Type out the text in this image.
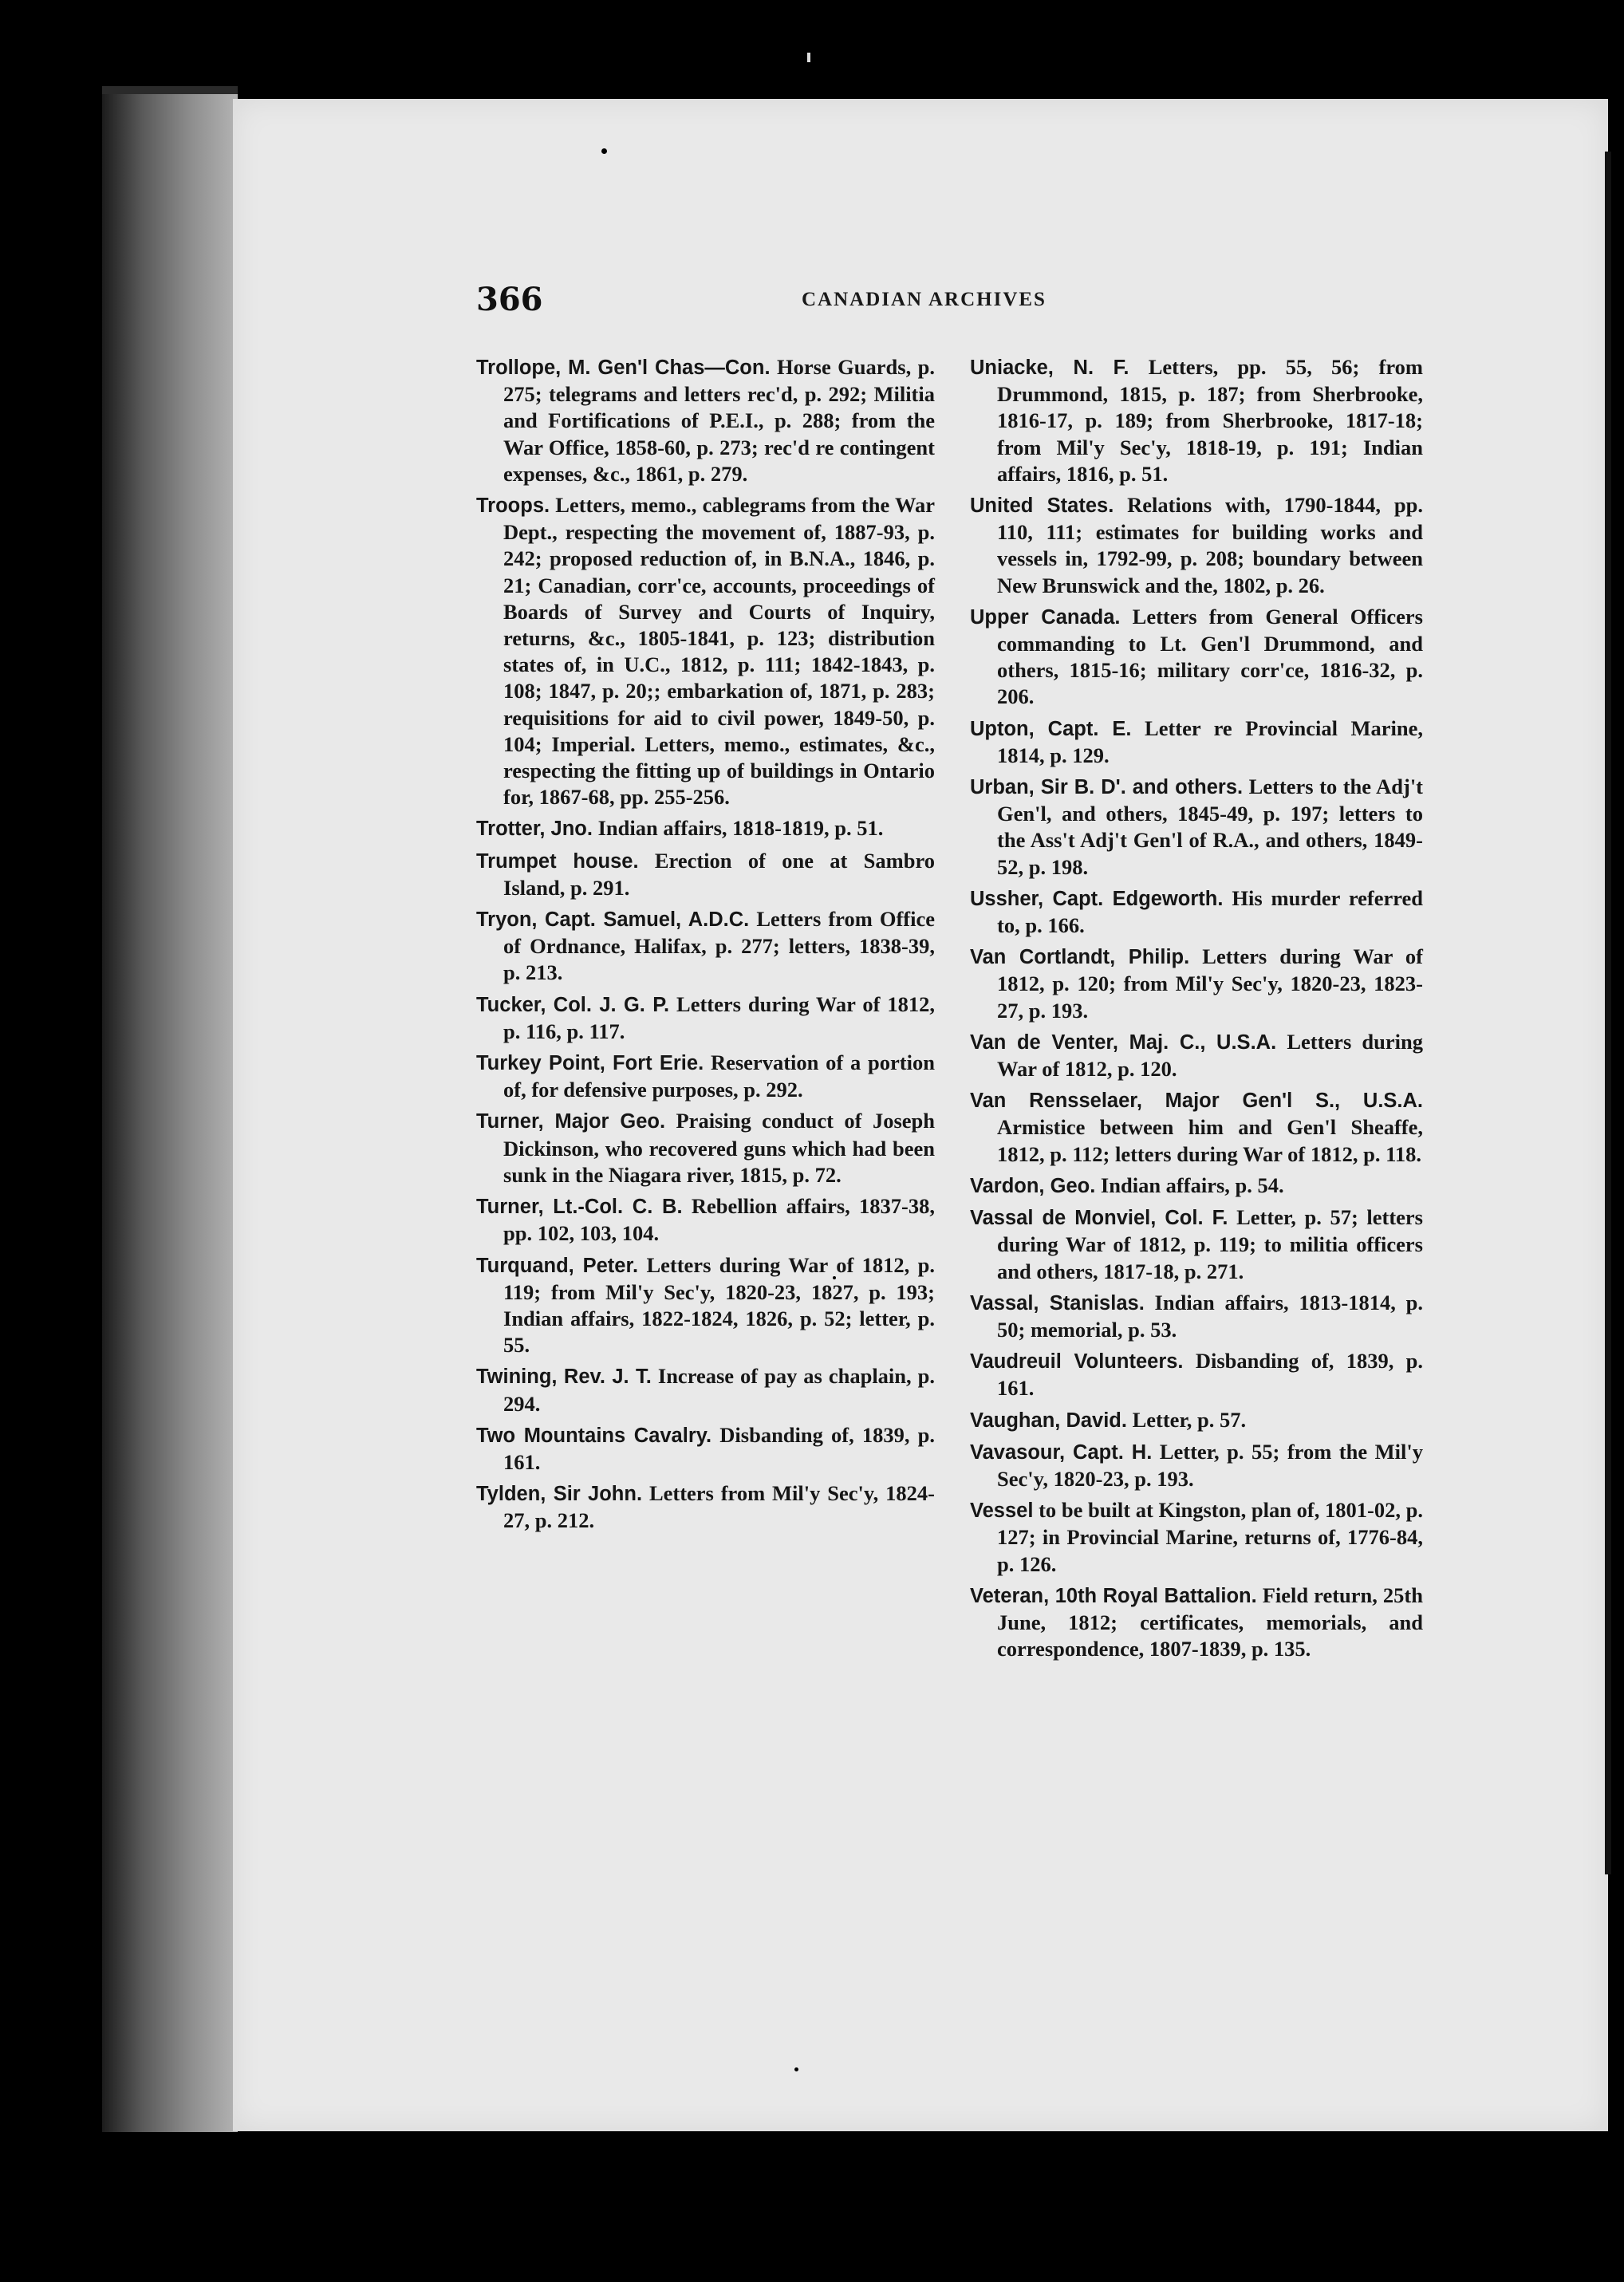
366	CANADIAN ARCHIVES

Trollope, M. Gen'l Chas—Con. Horse Guards, p. 275; telegrams and letters rec'd, p. 292; Militia and Fortifications of P.E.I., p. 288; from the War Office, 1858-60, p. 273; rec'd re contingent expenses, &c., 1861, p. 279.

Troops. Letters, memo., cablegrams from the War Dept., respecting the movement of, 1887-93, p. 242; proposed reduction of, in B.N.A., 1846, p. 21; Canadian, corr'ce, accounts, proceedings of Boards of Survey and Courts of Inquiry, returns, &c., 1805-1841, p. 123; distribution states of, in U.C., 1812, p. 111; 1842-1843, p. 108; 1847, p. 20;; embarkation of, 1871, p. 283; requisitions for aid to civil power, 1849-50, p. 104; Imperial. Letters, memo., estimates, &c., respecting the fitting up of buildings in Ontario for, 1867-68, pp. 255-256.

Trotter, Jno. Indian affairs, 1818-1819, p. 51.

Trumpet house. Erection of one at Sambro Island, p. 291.

Tryon, Capt. Samuel, A.D.C. Letters from Office of Ordnance, Halifax, p. 277; letters, 1838-39, p. 213.

Tucker, Col. J. G. P. Letters during War of 1812, p. 116, p. 117.

Turkey Point, Fort Erie. Reservation of a portion of, for defensive purposes, p. 292.

Turner, Major Geo. Praising conduct of Joseph Dickinson, who recovered guns which had been sunk in the Niagara river, 1815, p. 72.

Turner, Lt.-Col. C. B. Rebellion affairs, 1837-38, pp. 102, 103, 104.

Turquand, Peter. Letters during War of 1812, p. 119; from Mil'y Sec'y, 1820-23, 1827, p. 193; Indian affairs, 1822-1824, 1826, p. 52; letter, p. 55.

Twining, Rev. J. T. Increase of pay as chaplain, p. 294.

Two Mountains Cavalry. Disbanding of, 1839, p. 161.

Tylden, Sir John. Letters from Mil'y Sec'y, 1824-27, p. 212.

Uniacke, N. F. Letters, pp. 55, 56; from Drummond, 1815, p. 187; from Sherbrooke, 1816-17, p. 189; from Sherbrooke, 1817-18; from Mil'y Sec'y, 1818-19, p. 191; Indian affairs, 1816, p. 51.

United States. Relations with, 1790-1844, pp. 110, 111; estimates for building works and vessels in, 1792-99, p. 208; boundary between New Brunswick and the, 1802, p. 26.

Upper Canada. Letters from General Officers commanding to Lt. Gen'l Drummond, and others, 1815-16; military corr'ce, 1816-32, p. 206.

Upton, Capt. E. Letter re Provincial Marine, 1814, p. 129.

Urban, Sir B. D'. and others. Letters to the Adj't Gen'l, and others, 1845-49, p. 197; letters to the Ass't Adj't Gen'l of R.A., and others, 1849-52, p. 198.

Ussher, Capt. Edgeworth. His murder referred to, p. 166.

Van Cortlandt, Philip. Letters during War of 1812, p. 120; from Mil'y Sec'y, 1820-23, 1823-27, p. 193.

Van de Venter, Maj. C., U.S.A. Letters during War of 1812, p. 120.

Van Rensselaer, Major Gen'l S., U.S.A. Armistice between him and Gen'l Sheaffe, 1812, p. 112; letters during War of 1812, p. 118.

Vardon, Geo. Indian affairs, p. 54.

Vassal de Monviel, Col. F. Letter, p. 57; letters during War of 1812, p. 119; to militia officers and others, 1817-18, p. 271.

Vassal, Stanislas. Indian affairs, 1813-1814, p. 50; memorial, p. 53.

Vaudreuil Volunteers. Disbanding of, 1839, p. 161.

Vaughan, David. Letter, p. 57.

Vavasour, Capt. H. Letter, p. 55; from the Mil'y Sec'y, 1820-23, p. 193.

Vessel to be built at Kingston, plan of, 1801-02, p. 127; in Provincial Marine, returns of, 1776-84, p. 126.

Veteran, 10th Royal Battalion. Field return, 25th June, 1812; certificates, memorials, and correspondence, 1807-1839, p. 135.
